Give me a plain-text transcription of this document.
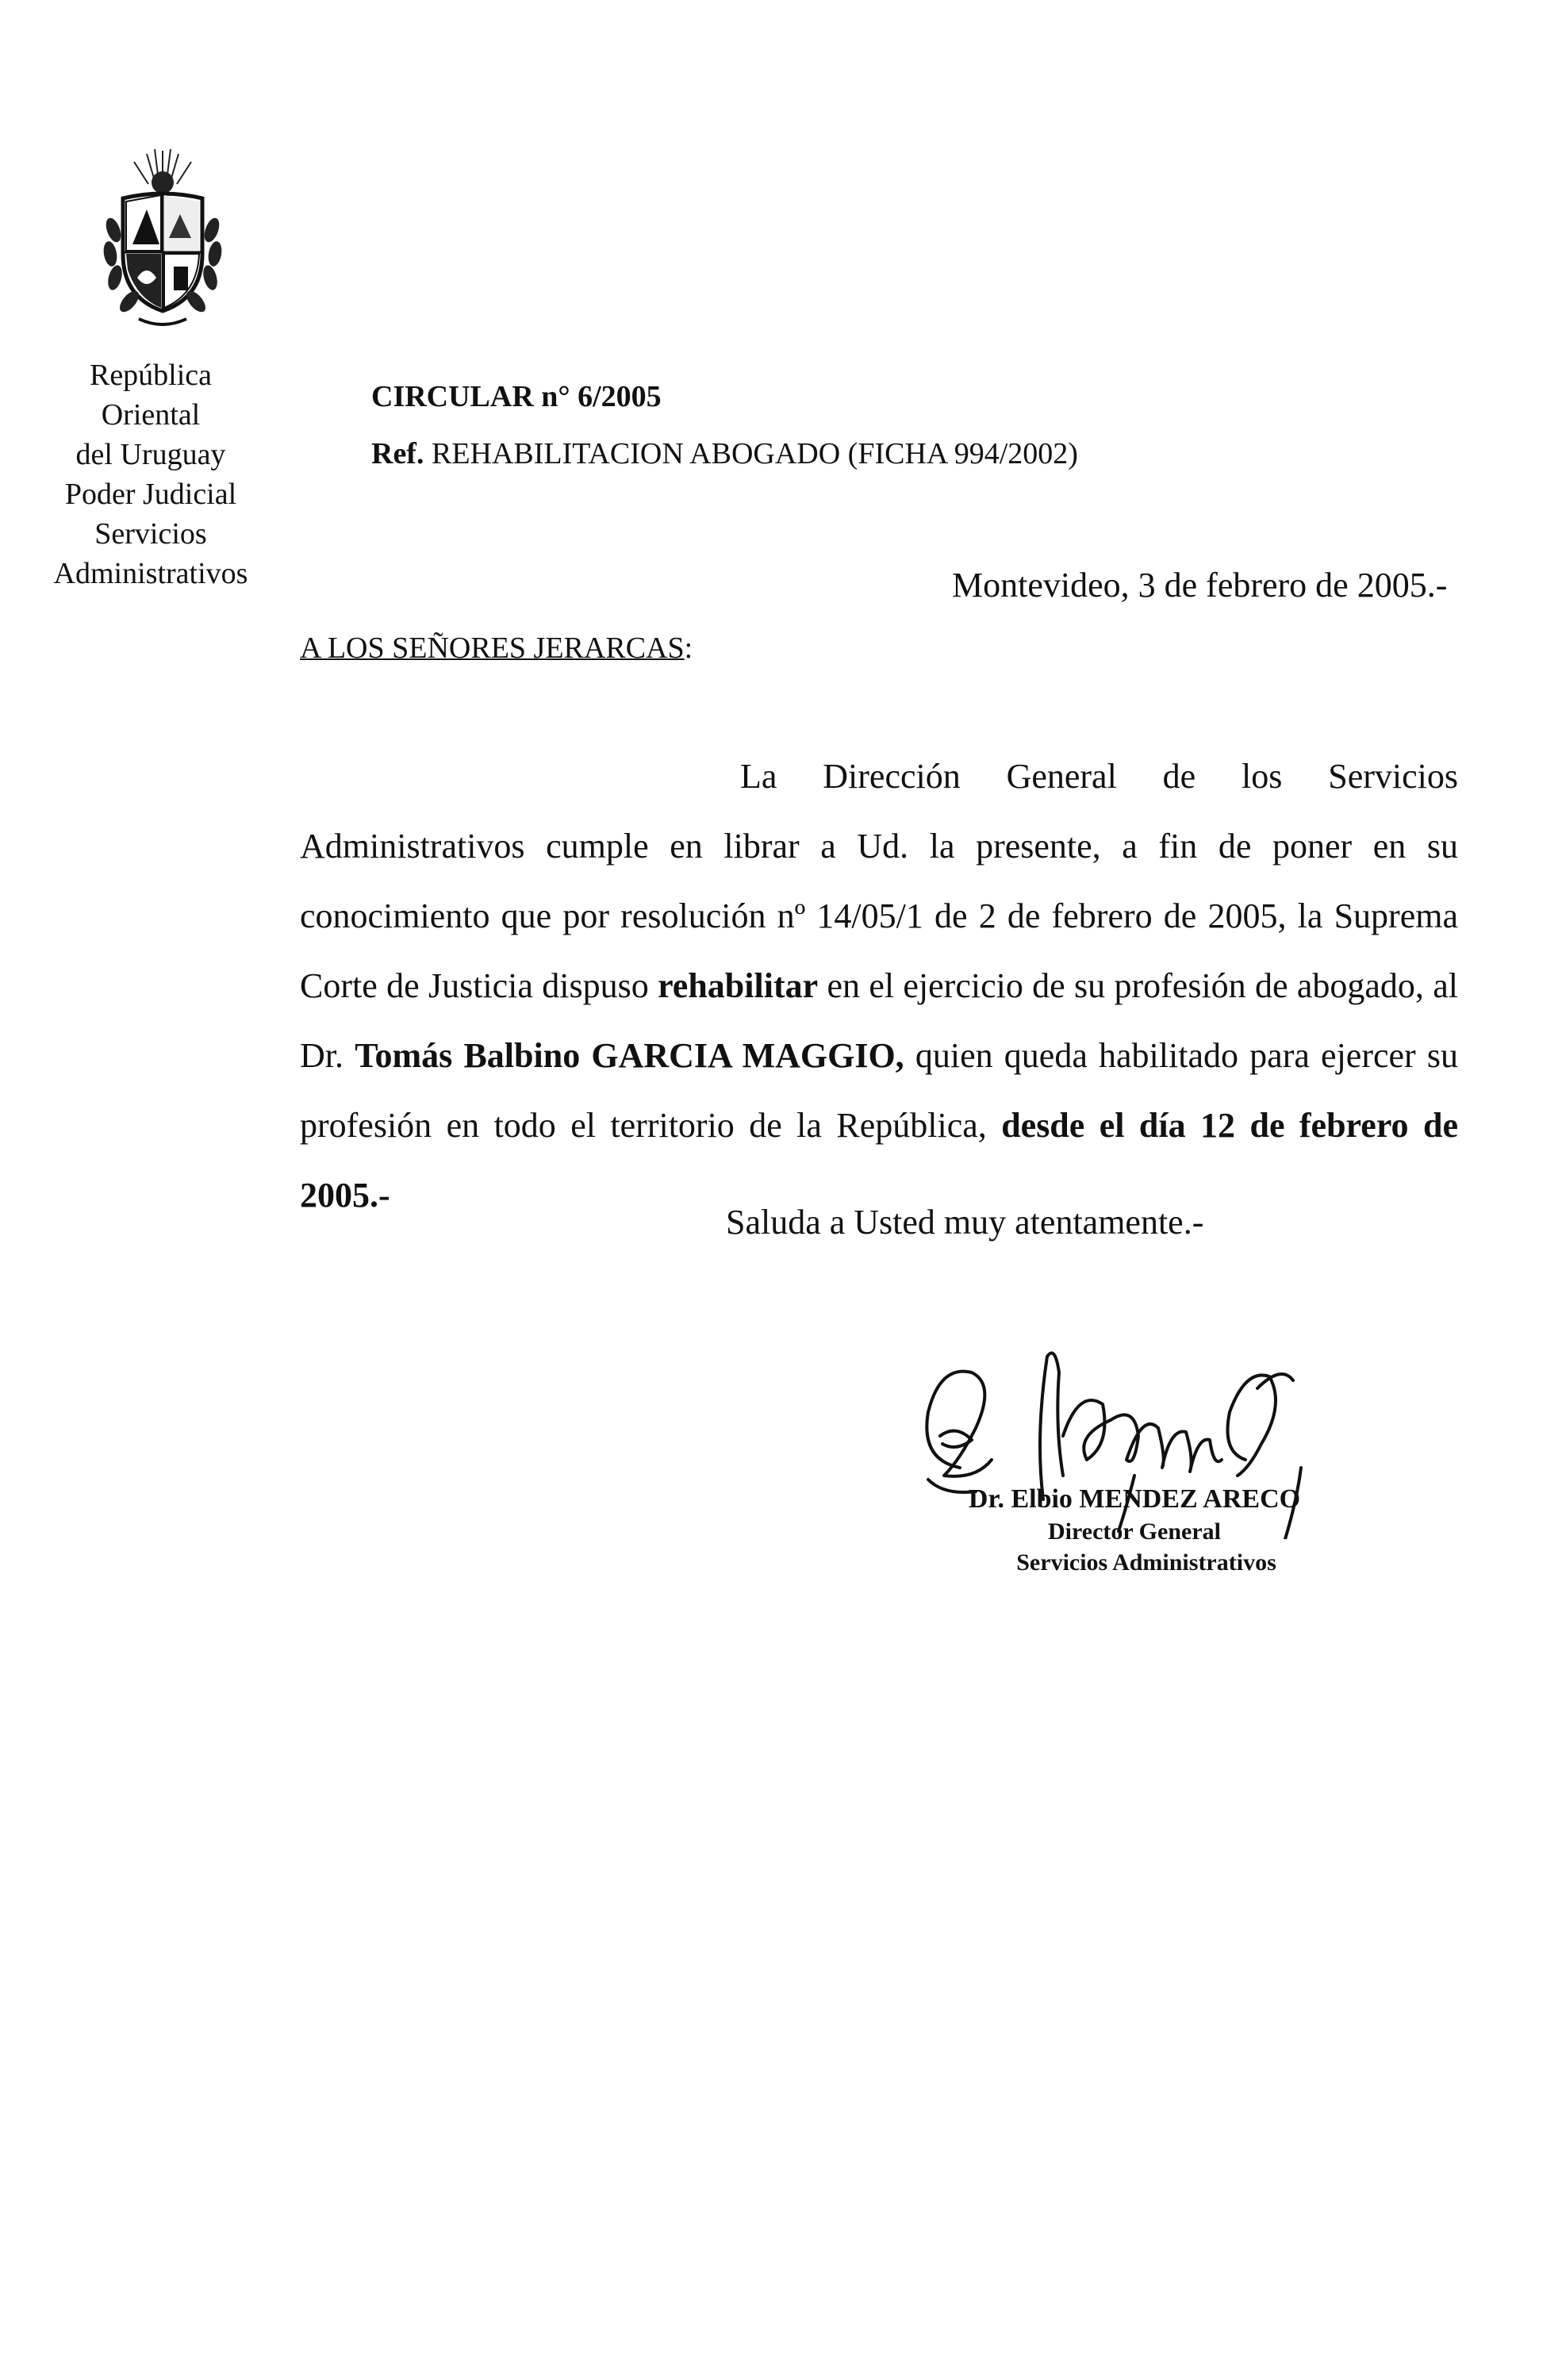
República
Oriental
del Uruguay
Poder Judicial
Servicios
Administrativos
CIRCULAR n° 6/2005
Ref. REHABILITACION ABOGADO (FICHA 994/2002)
Montevideo, 3 de febrero de 2005.-
A LOS SEÑORES JERARCAS:

La Dirección General de los Servicios Administrativos cumple en librar a Ud. la presente, a fin de poner en su conocimiento que por resolución nº 14/05/1 de 2 de febrero de 2005, la Suprema Corte de Justicia dispuso rehabilitar en el ejercicio de su profesión de abogado, al Dr. Tomás Balbino GARCIA MAGGIO, quien queda habilitado para ejercer su profesión en todo el territorio de la República, desde el día 12 de febrero de 2005.-

Saluda a Usted muy atentamente.-
Dr. Elbio MENDEZ ARECO
Director General
Servicios Administrativos
